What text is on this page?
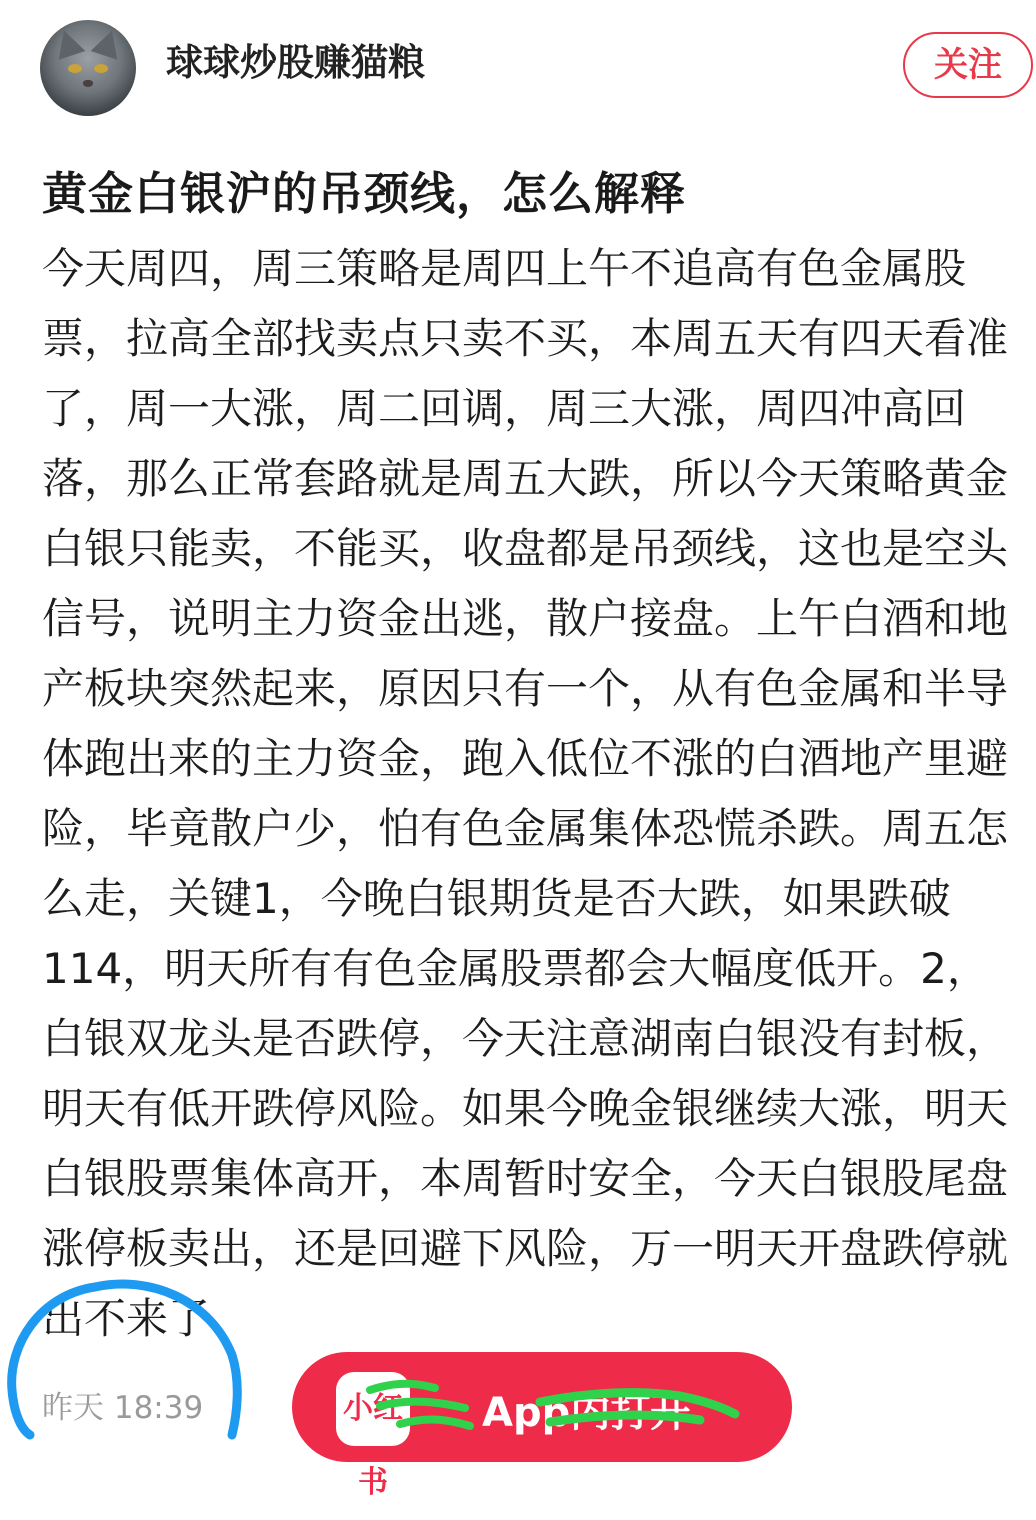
球球炒股赚猫粮	关注
黄金白银沪的吊颈线，怎么解释
今天周四，周三策略是周四上午不追高有色金属股
票，拉高全部找卖点只卖不买，本周五天有四天看准
了，周一大涨，周二回调，周三大涨，周四冲高回
落，那么正常套路就是周五大跌，所以今天策略黄金
白银只能卖，不能买，收盘都是吊颈线，这也是空头
信号，说明主力资金出逃，散户接盘。上午白酒和地
产板块突然起来，原因只有一个，从有色金属和半导
体跑出来的主力资金，跑入低位不涨的白酒地产里避
险，毕竟散户少，怕有色金属集体恐慌杀跌。周五怎
么走，关键1，今晚白银期货是否大跌，如果跌破
114，明天所有有色金属股票都会大幅度低开。2，
白银双龙头是否跌停，今天注意湖南白银没有封板，
明天有低开跌停风险。如果今晚金银继续大涨，明天
白银股票集体高开，本周暂时安全，今天白银股尾盘
涨停板卖出，还是回避下风险，万一明天开盘跌停就
出不来了
昨天 18:39	小红书
App内打开
